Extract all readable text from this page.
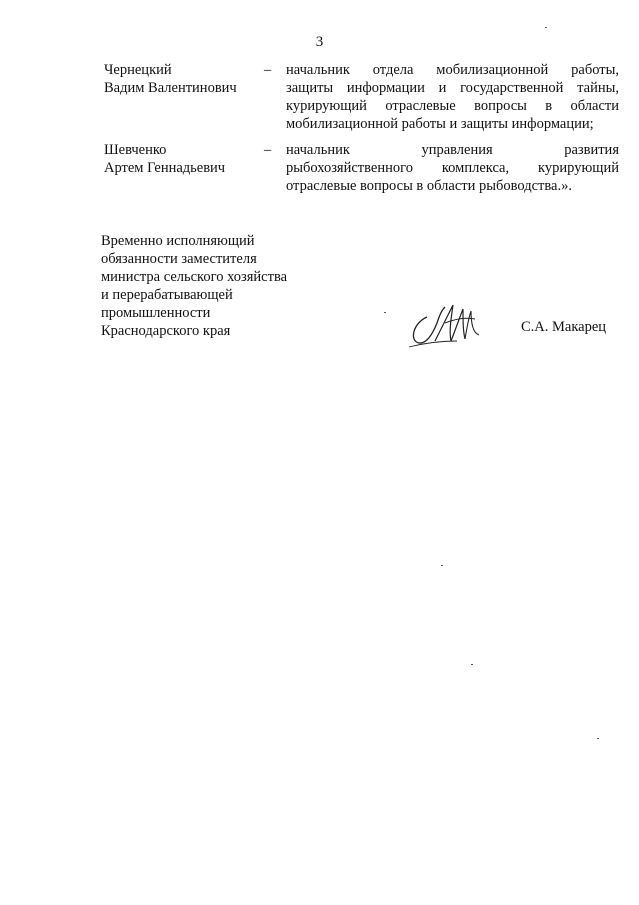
3
Чернецкий
Вадим Валентинович
– начальник отдела мобилизационной работы,
защиты информации и государственной тайны,
курирующий отраслевые вопросы в области
мобилизационной работы и защиты информации;
Шевченко
Артем Геннадьевич
– начальник управления развития
рыбохозяйственного комплекса, курирующий
отраслевые вопросы в области рыбоводства.».
Временно исполняющий
обязанности заместителя
министра сельского хозяйства
и перерабатывающей
промышленности
Краснодарского края	С.А. Макарец
